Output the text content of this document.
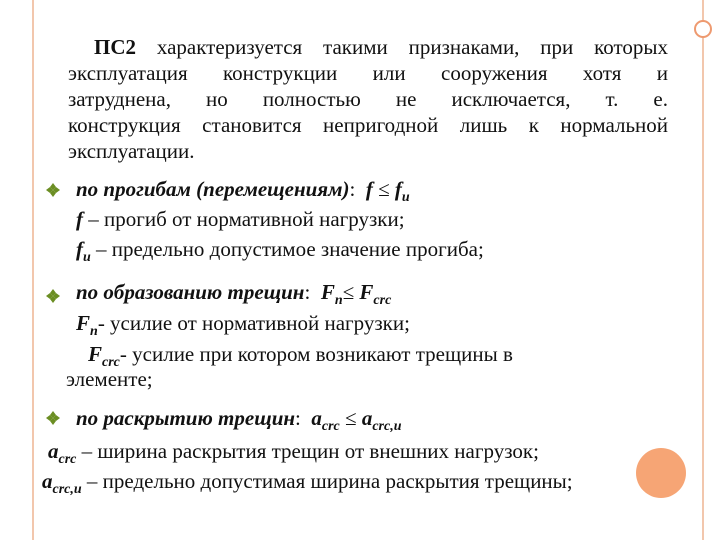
ПС2 характеризуется такими признаками, при которых
эксплуатация конструкции или сооружения хотя и
затруднена, но полностью не исключается, т. е.
конструкция становится непригодной лишь к нормальной
эксплуатации.
по прогибам (перемещениям): $f \le f_u$
f – прогиб от нормативной нагрузки;
$f_u$ – предельно допустимое значение прогиба;
по образованию трещин: $F_n\le F_{crc}$
$F_n-$ усилие от нормативной нагрузки;
$F_{crc}-$ усилие при котором возникают трещины в
элементе;
по раскрытию трещин: $a_{crc} \le a_{crc,u}$
$a_{crc}$ – ширина раскрытия трещин от внешних нагрузок;
$a_{crc,u}$ – предельно допустимая ширина раскрытия трещины;
